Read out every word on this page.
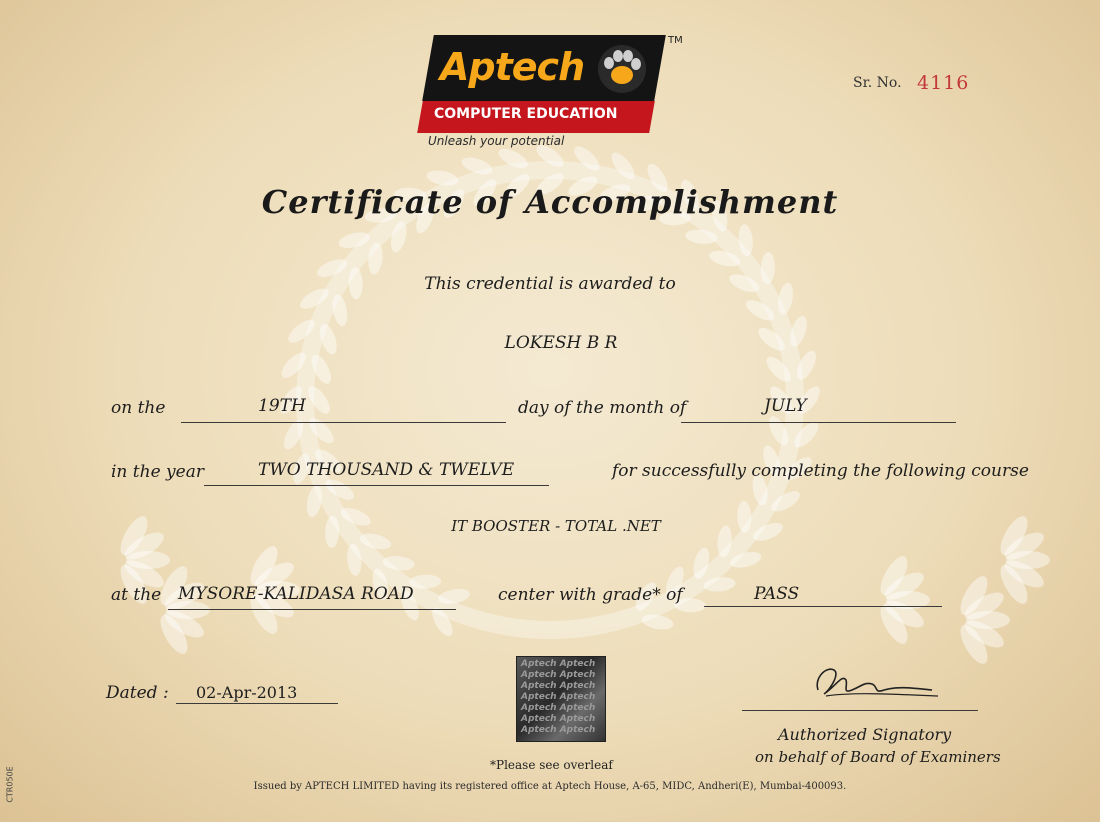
Aptech
COMPUTER EDUCATION
Unleash your potential
TM
Sr. No. 4116
Certificate of Accomplishment
This credential is awarded to
LOKESH B R
on the	19TH	day of the month of	JULY
in the year	TWO THOUSAND & TWELVE	for successfully completing the following course
IT BOOSTER - TOTAL .NET
at the MYSORE-KALIDASA ROAD	center with grade* of	PASS
Dated : 02-Apr-2013
Aptech Aptech
Aptech Aptech
Aptech Aptech
Aptech Aptech
Aptech Aptech
Aptech Aptech
Aptech Aptech
*Please see overleaf
Authorized Signatory
on behalf of Board of Examiners
Issued by APTECH LIMITED having its registered office at Aptech House, A-65, MIDC, Andheri(E), Mumbai-400093.
CTR050E
